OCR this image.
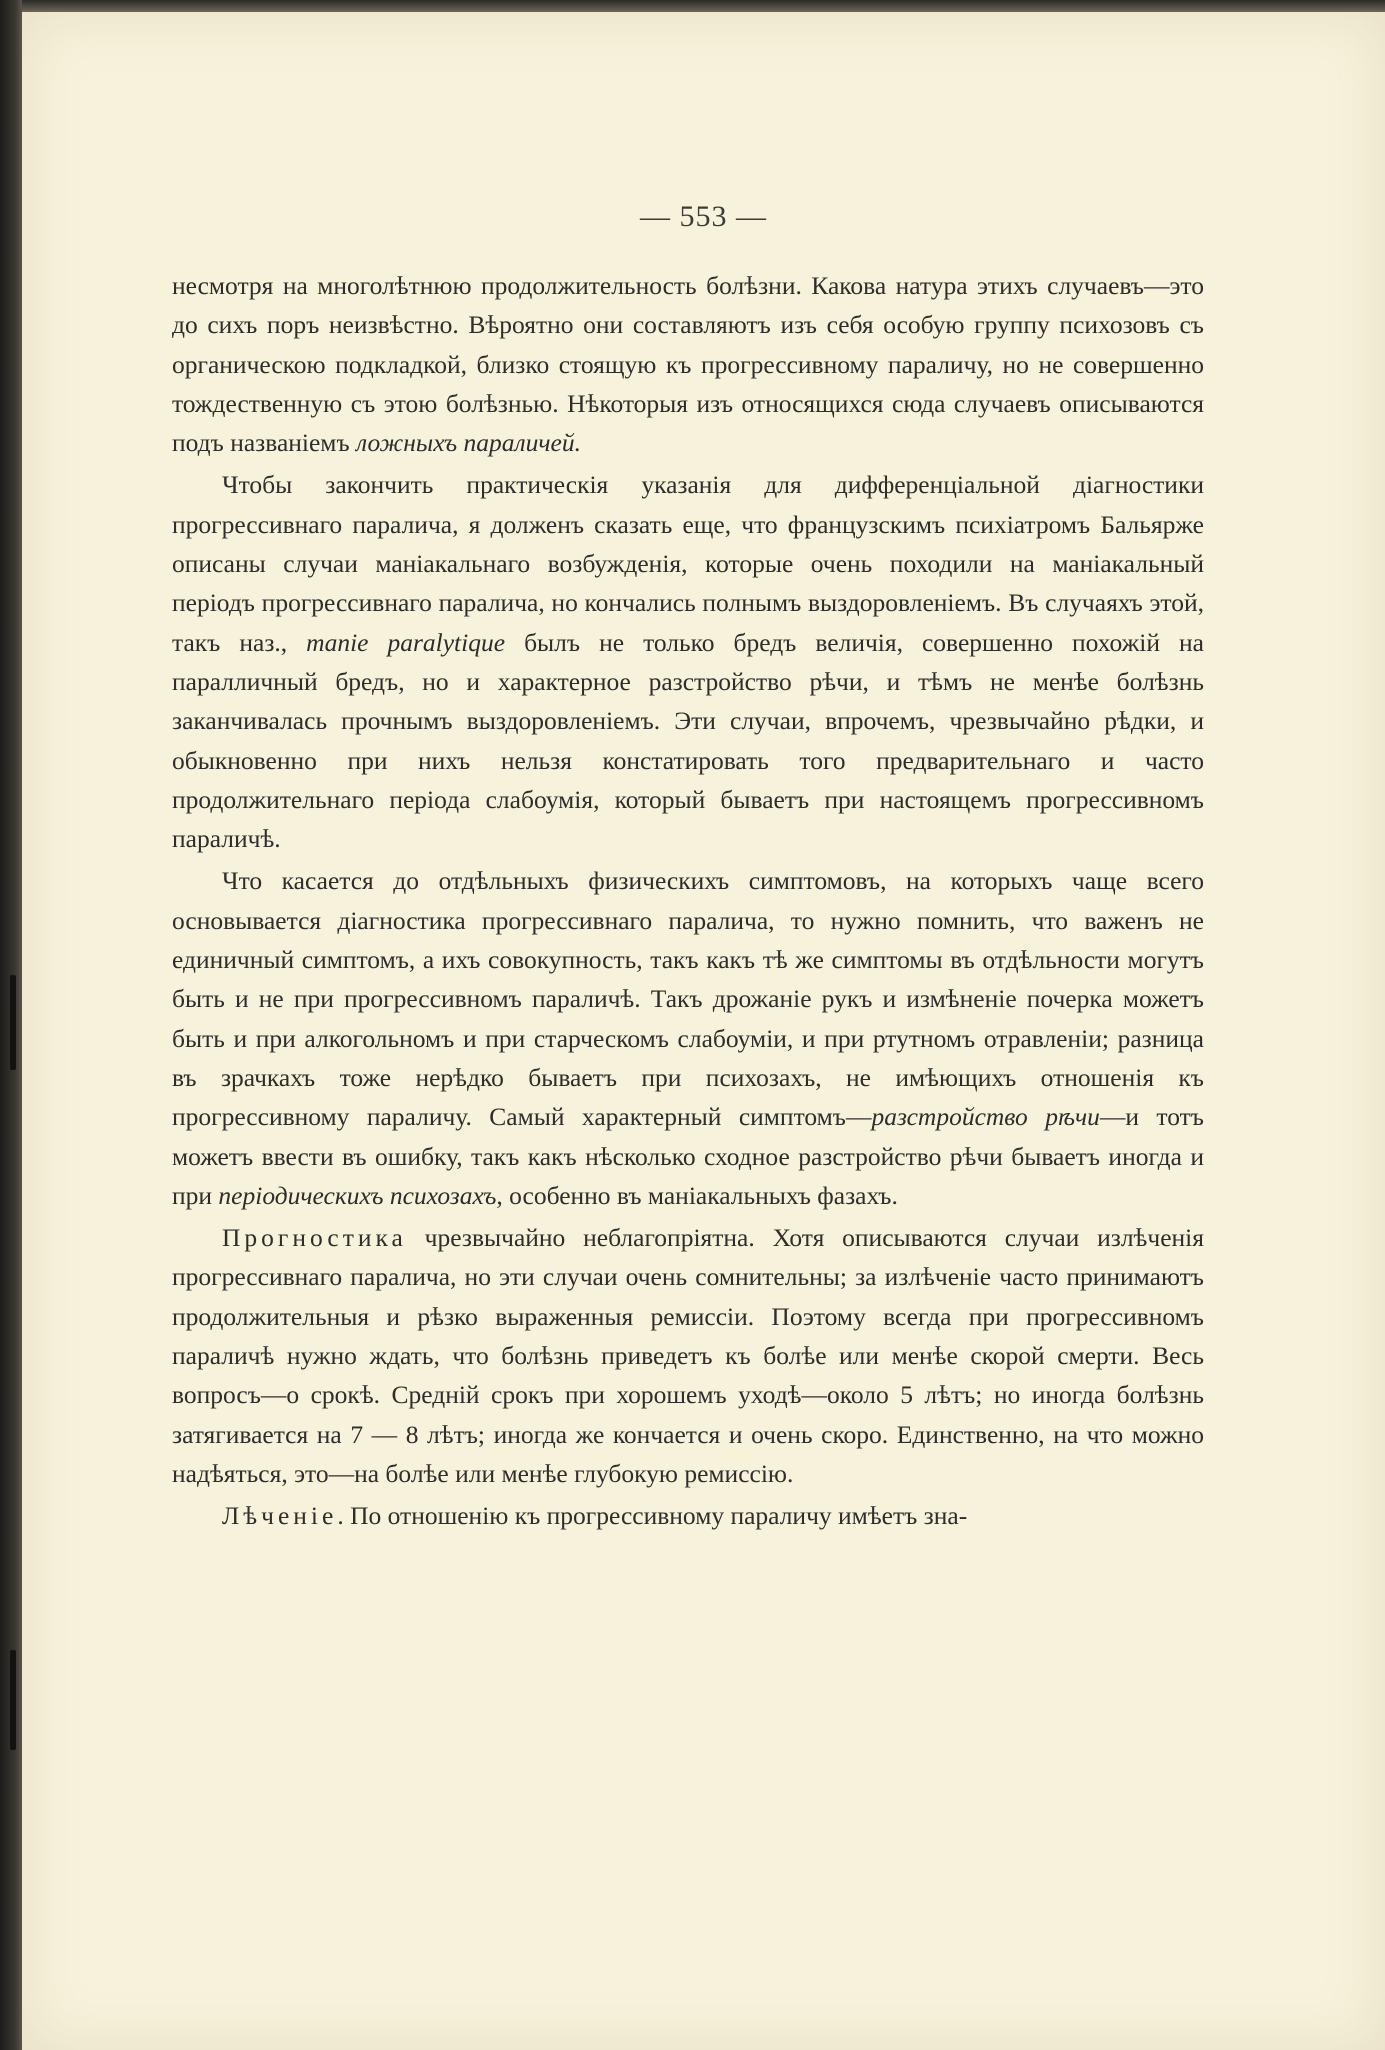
— 553 —

несмотря на многолѣтнюю продолжительность болѣзни. Какова натура этихъ случаевъ—это до сихъ поръ неизвѣстно. Вѣроятно они составляютъ изъ себя особую группу психозовъ съ органическою подкладкой, близко стоящую къ прогрессивному параличу, но не совершенно тождественную съ этою болѣзнью. Нѣкоторыя изъ относящихся сюда случаевъ описываются подъ названіемъ ложныхъ параличей.

Чтобы закончить практическія указанія для дифференціальной діагностики прогрессивнаго паралича, я долженъ сказать еще, что французскимъ психіатромъ Бальярже описаны случаи маніакальнаго возбужденія, которые очень походили на маніакальный періодъ прогрессивнаго паралича, но кончались полнымъ выздоровленіемъ. Въ случаяхъ этой, такъ наз., manie paralytique былъ не только бредъ величія, совершенно похожій на паралличный бредъ, но и характерное разстройство рѣчи, и тѣмъ не менѣе болѣзнь заканчивалась прочнымъ выздоровленіемъ. Эти случаи, впрочемъ, чрезвычайно рѣдки, и обыкновенно при нихъ нельзя констатировать того предварительнаго и часто продолжительнаго періода слабоумія, который бываетъ при настоящемъ прогрессивномъ параличѣ.

Что касается до отдѣльныхъ физическихъ симптомовъ, на которыхъ чаще всего основывается діагностика прогрессивнаго паралича, то нужно помнить, что важенъ не единичный симптомъ, а ихъ совокупность, такъ какъ тѣ же симптомы въ отдѣльности могутъ быть и не при прогрессивномъ параличѣ. Такъ дрожаніе рукъ и измѣненіе почерка можетъ быть и при алкогольномъ и при старческомъ слабоуміи, и при ртутномъ отравленіи; разница въ зрачкахъ тоже нерѣдко бываетъ при психозахъ, не имѣющихъ отношенія къ прогрессивному параличу. Самый характерный симптомъ—разстройство рѣчи—и тотъ можетъ ввести въ ошибку, такъ какъ нѣсколько сходное разстройство рѣчи бываетъ иногда и при періодическихъ психозахъ, особенно въ маніакальныхъ фазахъ.

Прогностика чрезвычайно неблагопріятна. Хотя описываются случаи излѣченія прогрессивнаго паралича, но эти случаи очень сомнительны; за излѣченіе часто принимаютъ продолжительныя и рѣзко выраженныя ремиссіи. Поэтому всегда при прогрессивномъ параличѣ нужно ждать, что болѣзнь приведетъ къ болѣе или менѣе скорой смерти. Весь вопросъ—о срокѣ. Средній срокъ при хорошемъ уходѣ—около 5 лѣтъ; но иногда болѣзнь затягивается на 7 — 8 лѣтъ; иногда же кончается и очень скоро. Единственно, на что можно надѣяться, это—на болѣе или менѣе глубокую ремиссію.

Лѣченіе. По отношенію къ прогрессивному параличу имѣетъ зна-
